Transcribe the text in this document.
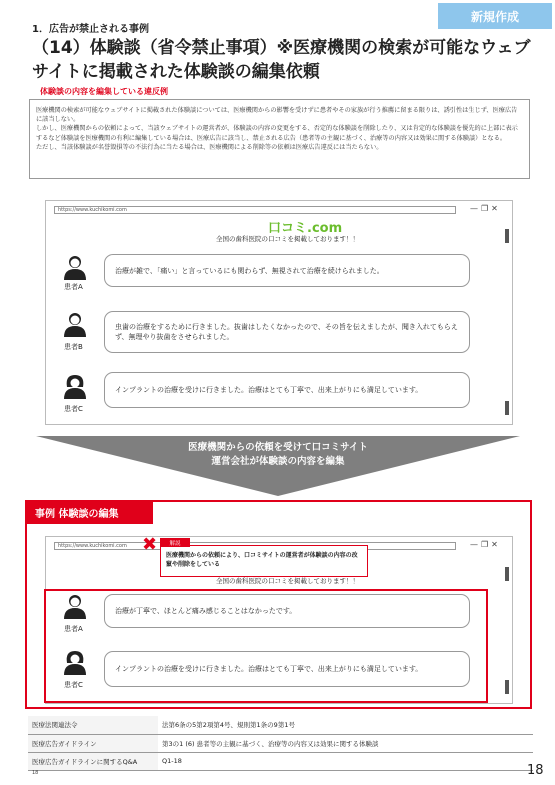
新規作成
1．広告が禁止される事例
（14）体験談（省令禁止事項）※医療機関の検索が可能なウェブサイトに掲載された体験談の編集依頼
体験談の内容を編集している違反例
医療機関の検索が可能なウェブサイトに掲載された体験談については、医療機関からの影響を受けずに患者やその家族が行う推薦に留まる限りは、誘引性は生じず、医療広告に該当しない。
しかし、医療機関からの依頼によって、当該ウェブサイトの運営者が、体験談の内容の変更をする、否定的な体験談を削除したり、又は肯定的な体験談を優先的に上部に表示するなど体験談を医療機関の有利に編集している場合は、医療広告に該当し、禁止される広告（患者等の主観に基づく、治療等の内容又は効果に関する体験談）となる。
ただし、当該体験談が名誉毀損等の不法行為に当たる場合は、医療機関による削除等の依頼は医療広告違反には当たらない。
https://www.kuchikomi.com	—❐✕
口コミ.com
全国の歯科医院の口コミを掲載しております！！
患者A
治療が雑で、「痛い」と言っているにも関わらず、無視されて治療を続けられました。
患者B
虫歯の治療をするために行きました。抜歯はしたくなかったので、その旨を伝えましたが、聞き入れてもらえず、無理やり抜歯をさせられました。
患者C
インプラントの治療を受けに行きました。治療はとても丁寧で、出来上がりにも満足しています。
医療機関からの依頼を受けて口コミサイト
運営会社が体験談の内容を編集
事例 体験談の編集
https://www.kuchikomi.com	—❐✕
全国の歯科医院の口コミを掲載しております！！
患者A
治療が丁寧で、ほとんど痛み感じることはなかったです。
患者C
インプラントの治療を受けに行きました。治療はとても丁寧で、出来上がりにも満足しています。
✖
医療機関からの依頼により、口コミサイトの運営者が体験談の内容の改竄や削除をしている
解説
医療法関連法令	法第6条の5第2項第4号、規則第1条の9第1号
医療広告ガイドライン	第3の1 (6) 患者等の主観に基づく、治療等の内容又は効果に関する体験談
医療広告ガイドラインに関するQ&A	Q1-18
18	18
